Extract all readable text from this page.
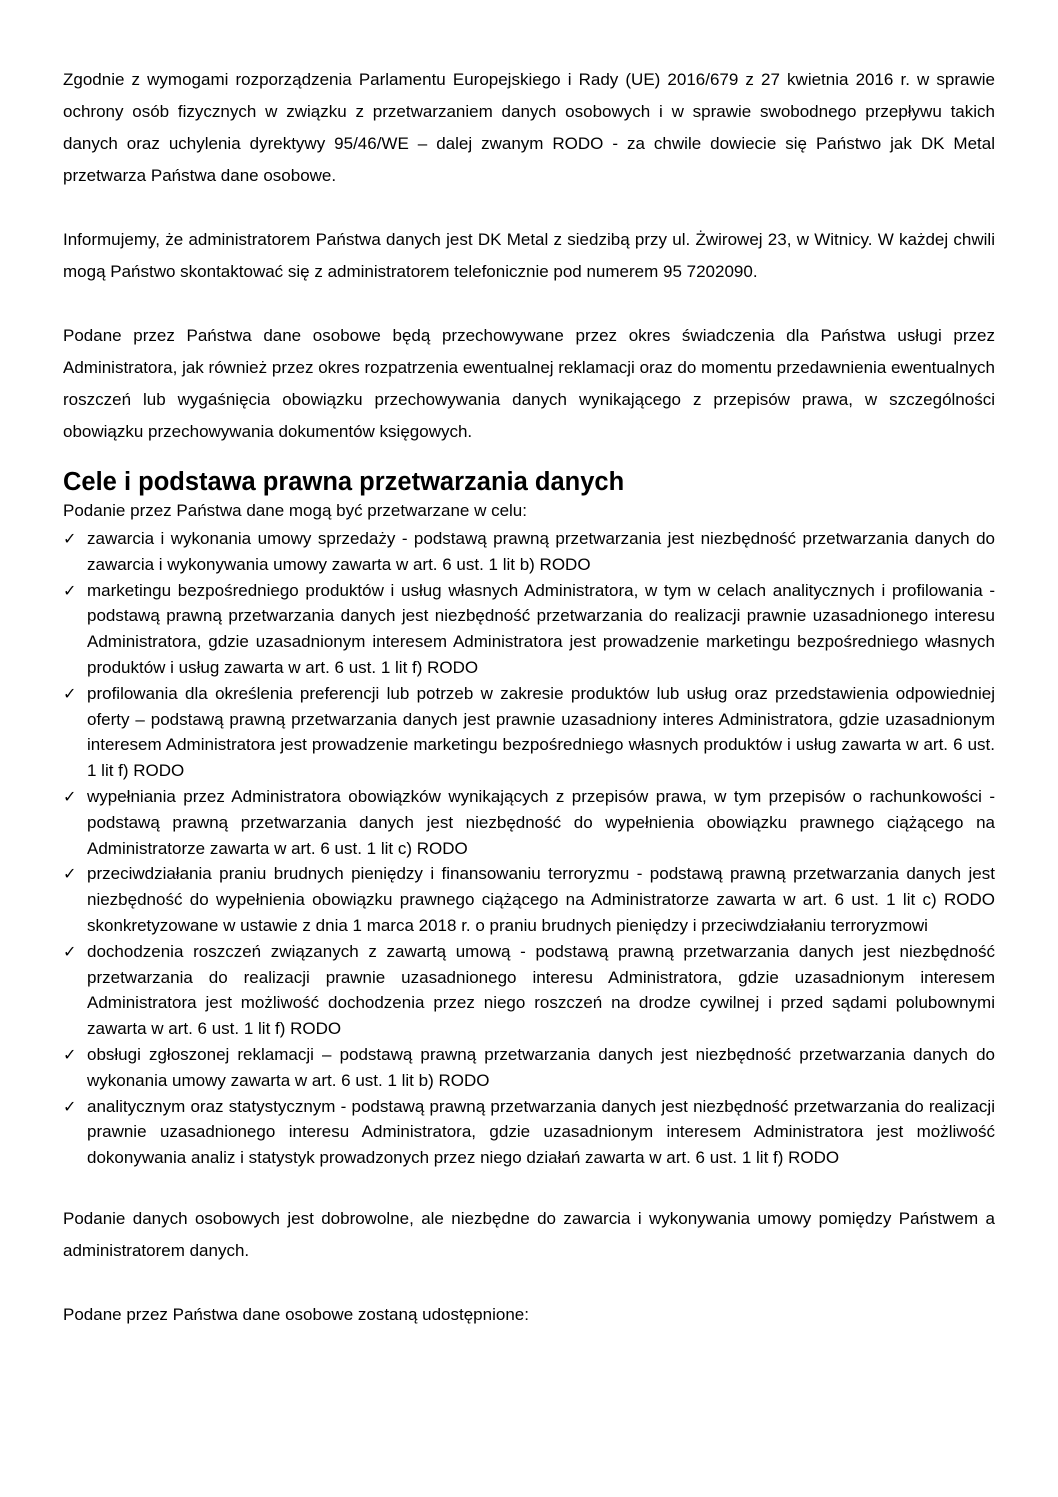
Zgodnie z wymogami rozporządzenia Parlamentu Europejskiego i Rady (UE) 2016/679 z 27 kwietnia 2016 r. w sprawie ochrony osób fizycznych w związku z przetwarzaniem danych osobowych i w sprawie swobodnego przepływu takich danych oraz uchylenia dyrektywy 95/46/WE – dalej zwanym RODO - za chwile dowiecie się Państwo jak DK Metal przetwarza Państwa dane osobowe.

Informujemy, że administratorem Państwa danych jest DK Metal z siedzibą przy ul. Żwirowej 23, w Witnicy. W każdej chwili mogą Państwo skontaktować się z administratorem telefonicznie pod numerem 95 7202090.

Podane przez Państwa dane osobowe będą przechowywane przez okres świadczenia dla Państwa usługi przez Administratora, jak również przez okres rozpatrzenia ewentualnej reklamacji oraz do momentu przedawnienia ewentualnych roszczeń lub wygaśnięcia obowiązku przechowywania danych wynikającego z przepisów prawa, w szczególności obowiązku przechowywania dokumentów księgowych.

Cele i podstawa prawna przetwarzania danych

Podanie przez Państwa dane mogą być przetwarzane w celu:

✓ zawarcia i wykonania umowy sprzedaży - podstawą prawną przetwarzania jest niezbędność przetwarzania danych do zawarcia i wykonywania umowy zawarta w art. 6 ust. 1 lit b) RODO
✓ marketingu bezpośredniego produktów i usług własnych Administratora, w tym w celach analitycznych i profilowania - podstawą prawną przetwarzania danych jest niezbędność przetwarzania do realizacji prawnie uzasadnionego interesu Administratora, gdzie uzasadnionym interesem Administratora jest prowadzenie marketingu bezpośredniego własnych produktów i usług zawarta w art. 6 ust. 1 lit f) RODO
✓ profilowania dla określenia preferencji lub potrzeb w zakresie produktów lub usług oraz przedstawienia odpowiedniej oferty – podstawą prawną przetwarzania danych jest prawnie uzasadniony interes Administratora, gdzie uzasadnionym interesem Administratora jest prowadzenie marketingu bezpośredniego własnych produktów i usług zawarta w art. 6 ust. 1 lit f) RODO
✓ wypełniania przez Administratora obowiązków wynikających z przepisów prawa, w tym przepisów o rachunkowości - podstawą prawną przetwarzania danych jest niezbędność do wypełnienia obowiązku prawnego ciążącego na Administratorze zawarta w art. 6 ust. 1 lit c) RODO
✓ przeciwdziałania praniu brudnych pieniędzy i finansowaniu terroryzmu - podstawą prawną przetwarzania danych jest niezbędność do wypełnienia obowiązku prawnego ciążącego na Administratorze zawarta w art. 6 ust. 1 lit c) RODO skonkretyzowane w ustawie z dnia 1 marca 2018 r. o praniu brudnych pieniędzy i przeciwdziałaniu terroryzmowi
✓ dochodzenia roszczeń związanych z zawartą umową - podstawą prawną przetwarzania danych jest niezbędność przetwarzania do realizacji prawnie uzasadnionego interesu Administratora, gdzie uzasadnionym interesem Administratora jest możliwość dochodzenia przez niego roszczeń na drodze cywilnej i przed sądami polubownymi zawarta w art. 6 ust. 1 lit f) RODO
✓ obsługi zgłoszonej reklamacji – podstawą prawną przetwarzania danych jest niezbędność przetwarzania danych do wykonania umowy zawarta w art. 6 ust. 1 lit b) RODO
✓ analitycznym oraz statystycznym - podstawą prawną przetwarzania danych jest niezbędność przetwarzania do realizacji prawnie uzasadnionego interesu Administratora, gdzie uzasadnionym interesem Administratora jest możliwość dokonywania analiz i statystyk prowadzonych przez niego działań zawarta w art. 6 ust. 1 lit f) RODO

Podanie danych osobowych jest dobrowolne, ale niezbędne do zawarcia i wykonywania umowy pomiędzy Państwem a administratorem danych.

Podane przez Państwa dane osobowe zostaną udostępnione:
